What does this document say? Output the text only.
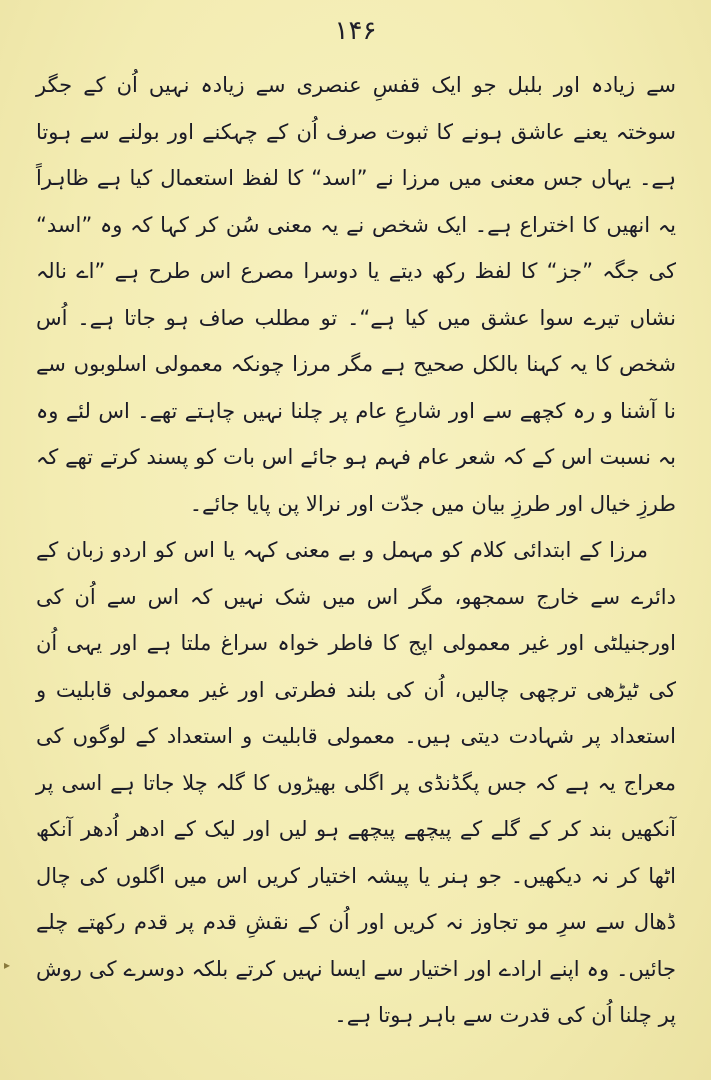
۱۴۶

سے زیادہ اور بلبل جو ایک قفسِ عنصری سے زیادہ نہیں اُن کے جگر سوختہ یعنے عاشق ہونے کا ثبوت صرف اُن کے چہکنے اور بولنے سے ہوتا ہے۔ یہاں جس معنی میں مرزا نے ”اسد“ کا لفظ استعمال کیا ہے ظاہراً یہ انھیں کا اختراع ہے۔ ایک شخص نے یہ معنی سُن کر کہا کہ وہ ”اسد“ کی جگہ ”جز“ کا لفظ رکھ دیتے یا دوسرا مصرع اس طرح ہے ”اے نالہ نشاں تیرے سوا عشق میں کیا ہے“۔ تو مطلب صاف ہو جاتا ہے۔ اُس شخص کا یہ کہنا بالکل صحیح ہے مگر مرزا چونکہ معمولی اسلوبوں سے نا آشنا و رہ کچھے سے اور شارعِ عام پر چلنا نہیں چاہتے تھے۔ اس لئے وہ بہ نسبت اس کے کہ شعر عام فہم ہو جائے اس بات کو پسند کرتے تھے کہ طرزِ خیال اور طرزِ بیان میں جدّت اور نرالا پن پایا جائے۔

مرزا کے ابتدائی کلام کو مہمل و بے معنی کہہ یا اس کو اردو زبان کے دائرے سے خارج سمجھو، مگر اس میں شک نہیں کہ اس سے اُن کی اورجنیلٹی اور غیر معمولی اپج کا فاطر خواہ سراغ ملتا ہے اور یہی اُن کی ٹیڑھی ترچھی چالیں، اُن کی بلند فطرتی اور غیر معمولی قابلیت و استعداد پر شہادت دیتی ہیں۔ معمولی قابلیت و استعداد کے لوگوں کی معراج یہ ہے کہ جس پگڈنڈی پر اگلی بھیڑوں کا گلہ چلا جاتا ہے اسی پر آنکھیں بند کر کے گلے کے پیچھے پیچھے ہو لیں اور لیک کے ادھر اُدھر آنکھ اٹھا کر نہ دیکھیں۔ جو ہنر یا پیشہ اختیار کریں اس میں اگلوں کی چال ڈھال سے سرِ مو تجاوز نہ کریں اور اُن کے نقشِ قدم پر قدم رکھتے چلے جائیں۔ وہ اپنے ارادے اور اختیار سے ایسا نہیں کرتے بلکہ دوسرے کی روش پر چلنا اُن کی قدرت سے باہر ہوتا ہے۔

▸
